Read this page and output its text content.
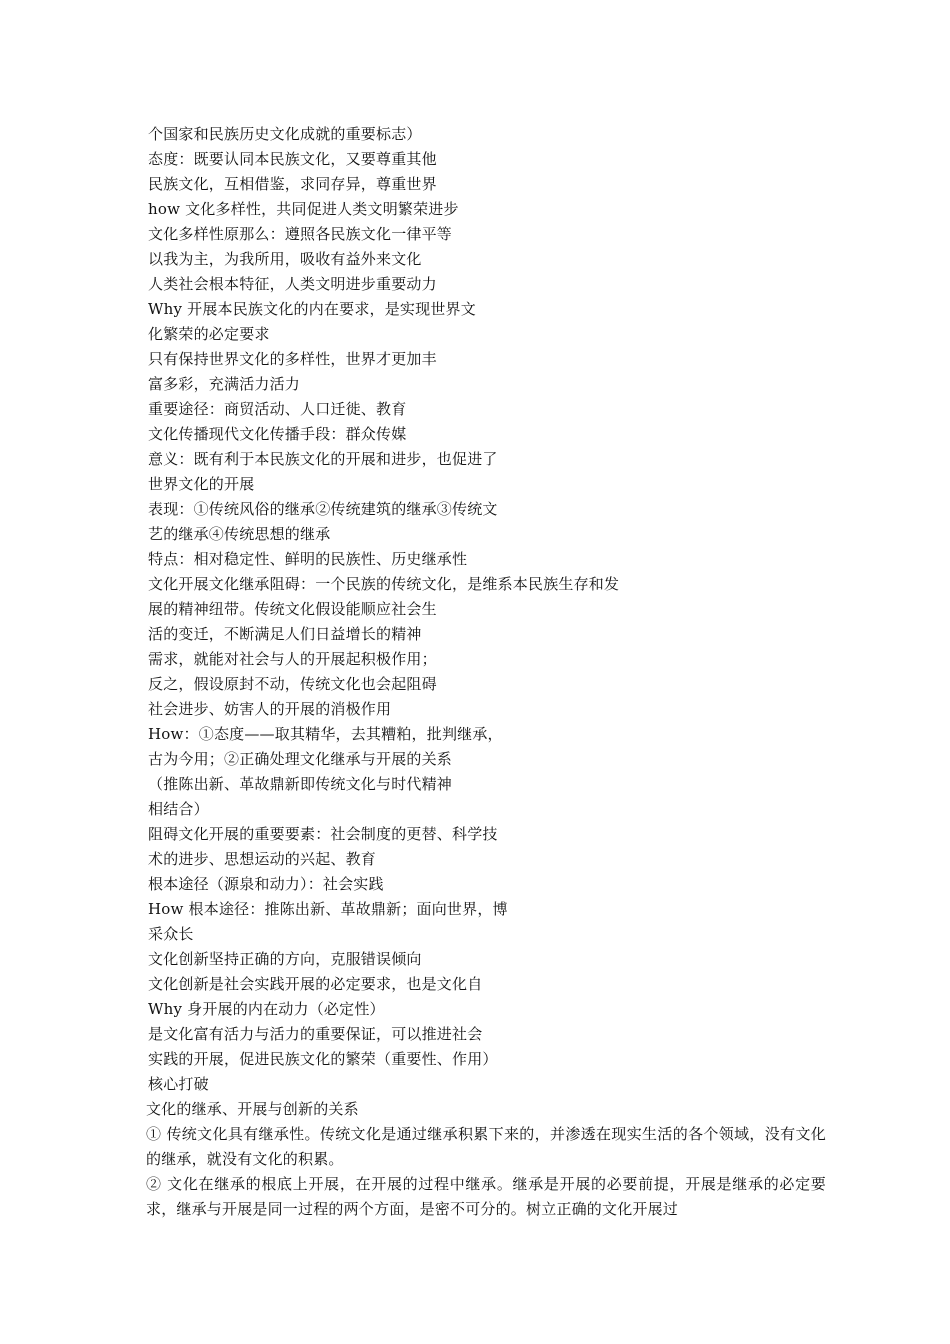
个国家和民族历史文化成就的重要标志）
态度：既要认同本民族文化，又要尊重其他
民族文化，互相借鉴，求同存异，尊重世界
how 文化多样性，共同促进人类文明繁荣进步
文化多样性原那么：遵照各民族文化一律平等
以我为主，为我所用，吸收有益外来文化
人类社会根本特征，人类文明进步重要动力
Why 开展本民族文化的内在要求，是实现世界文
化繁荣的必定要求
只有保持世界文化的多样性，世界才更加丰
富多彩，充满活力活力
重要途径：商贸活动、人口迁徙、教育
文化传播现代文化传播手段：群众传媒
意义：既有利于本民族文化的开展和进步，也促进了
世界文化的开展
表现：①传统风俗的继承②传统建筑的继承③传统文
艺的继承④传统思想的继承
特点：相对稳定性、鲜明的民族性、历史继承性
文化开展文化继承阻碍：一个民族的传统文化，是维系本民族生存和发
展的精神纽带。传统文化假设能顺应社会生
活的变迁，不断满足人们日益增长的精神
需求，就能对社会与人的开展起积极作用；
反之，假设原封不动，传统文化也会起阻碍
社会进步、妨害人的开展的消极作用
How：①态度——取其精华，去其糟粕，批判继承，
古为今用；②正确处理文化继承与开展的关系
（推陈出新、革故鼎新即传统文化与时代精神
相结合）
阻碍文化开展的重要要素：社会制度的更替、科学技
术的进步、思想运动的兴起、教育
根本途径（源泉和动力）：社会实践
How 根本途径：推陈出新、革故鼎新；面向世界，博
采众长
文化创新坚持正确的方向，克服错误倾向
文化创新是社会实践开展的必定要求，也是文化自
Why 身开展的内在动力（必定性）
是文化富有活力与活力的重要保证，可以推进社会
实践的开展，促进民族文化的繁荣（重要性、作用）
核心打破

文化的继承、开展与创新的关系

① 传统文化具有继承性。传统文化是通过继承积累下来的，并渗透在现实生活的各个领域，没有文化的继承，就没有文化的积累。

② 文化在继承的根底上开展，在开展的过程中继承。继承是开展的必要前提，开展是继承的必定要求，继承与开展是同一过程的两个方面，是密不可分的。树立正确的文化开展过
